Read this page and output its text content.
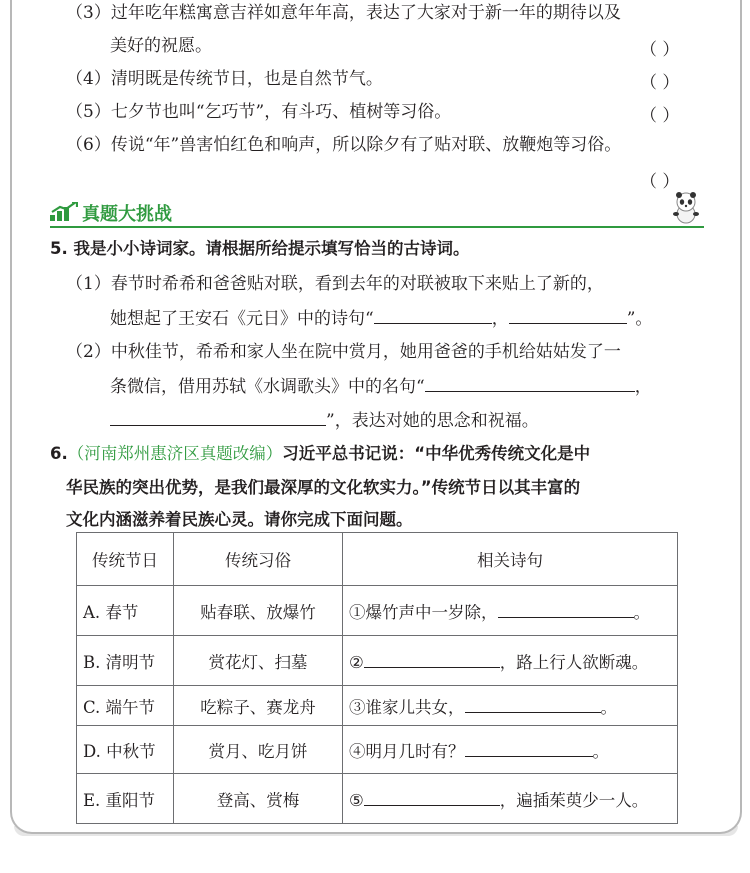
（3）过年吃年糕寓意吉祥如意年年高，表达了大家对于新一年的期待以及
美好的祝愿。	（ ）
（4）清明既是传统节日，也是自然节气。	（ ）
（5）七夕节也叫“乞巧节”，有斗巧、植树等习俗。	（ ）
（6）传说“年”兽害怕红色和响声，所以除夕有了贴对联、放鞭炮等习俗。
（ ）
真题大挑战
5. 我是小小诗词家。请根据所给提示填写恰当的古诗词。
（1）春节时希希和爸爸贴对联，看到去年的对联被取下来贴上了新的，
她想起了王安石《元日》中的诗句“	，	”。
（2）中秋佳节，希希和家人坐在院中赏月，她用爸爸的手机给姑姑发了一
条微信，借用苏轼《水调歌头》中的名句“	，
”，表达对她的思念和祝福。
6.（河南郑州惠济区真题改编）习近平总书记说：“中华优秀传统文化是中
华民族的突出优势，是我们最深厚的文化软实力。”传统节日以其丰富的
文化内涵滋养着民族心灵。请你完成下面问题。
传统节日	传统习俗	相关诗句
A. 春节	贴春联、放爆竹	①爆竹声中一岁除， 。
B. 清明节	赏花灯、扫墓	② ，路上行人欲断魂。
C. 端午节	吃粽子、赛龙舟	③谁家儿共女， 。
D. 中秋节	赏月、吃月饼	④明月几时有？ 。
E. 重阳节	登高、赏梅	⑤ ，遍插茱萸少一人。
